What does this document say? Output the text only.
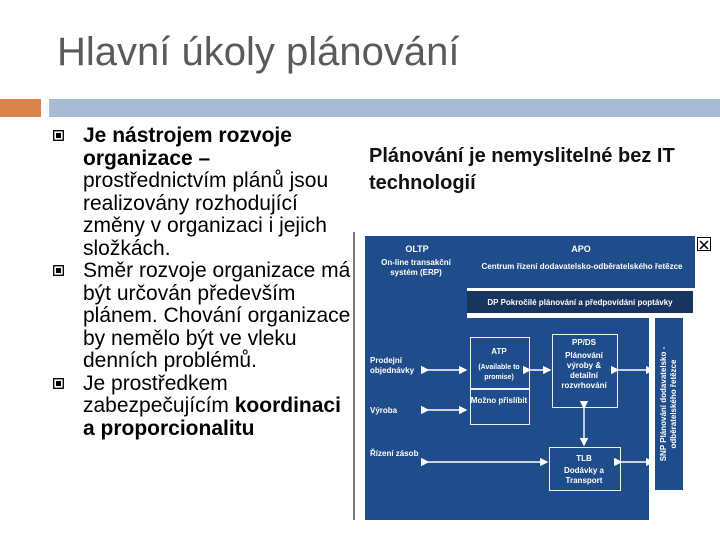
Hlavní úkoly plánování
Je nástrojem rozvoje organizace – prostřednictvím plánů jsou realizovány rozhodující změny v organizaci i jejich složkách.
Směr rozvoje organizace má být určován především plánem. Chování organizace by nemělo být ve vleku denních problémů.
Je prostředkem zabezpečujícím koordinaci a proporcionalitu
Plánování je nemyslitelné bez IT technologií
OLTP
On-line transakční systém (ERP)
Prodejní objednávky
Výroba
Řízení zásob
APO
Centrum řízení dodavatelsko-odběratelského řetězce
DP Pokročilé plánování a předpovídání poptávky
ATP
(Available to promise)
Možno přislíbit
PP/DS
Plánování výroby & detailní rozvrhování
TLB
Dodávky a Transport
SNP Plánování dodavatelsko - odběratelského řetězce
